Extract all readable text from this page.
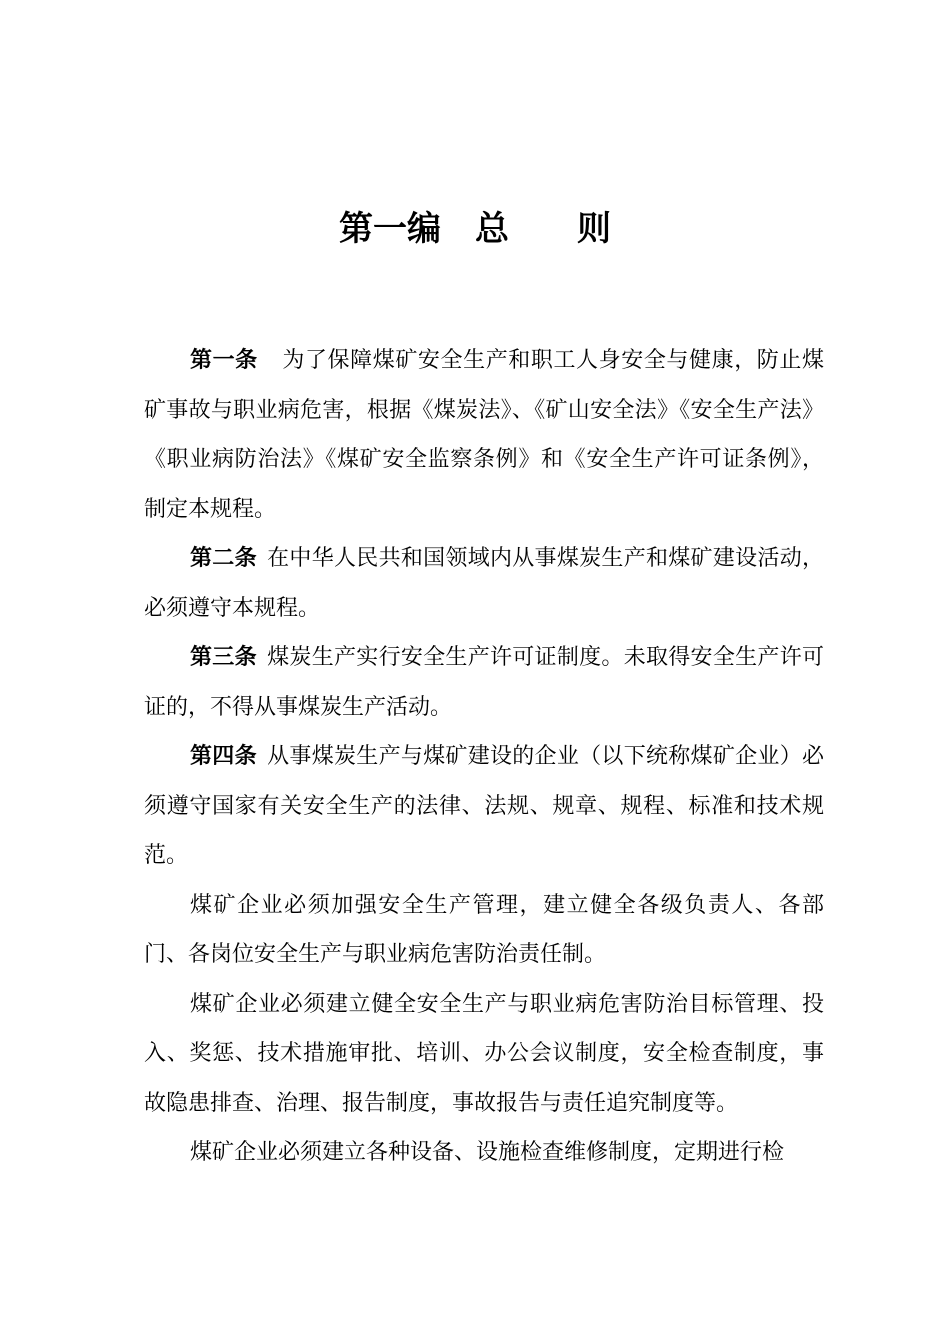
第一编　总　　则

第一条 为了保障煤矿安全生产和职工人身安全与健康，防止煤矿事故与职业病危害，根据《煤炭法》、《矿山安全法》《安全生产法》《职业病防治法》《煤矿安全监察条例》和《安全生产许可证条例》，制定本规程。

第二条 在中华人民共和国领域内从事煤炭生产和煤矿建设活动，必须遵守本规程。

第三条 煤炭生产实行安全生产许可证制度。未取得安全生产许可证的，不得从事煤炭生产活动。

第四条 从事煤炭生产与煤矿建设的企业（以下统称煤矿企业）必须遵守国家有关安全生产的法律、法规、规章、规程、标准和技术规范。

煤矿企业必须加强安全生产管理，建立健全各级负责人、各部门、各岗位安全生产与职业病危害防治责任制。

煤矿企业必须建立健全安全生产与职业病危害防治目标管理、投入、奖惩、技术措施审批、培训、办公会议制度，安全检查制度，事故隐患排查、治理、报告制度，事故报告与责任追究制度等。

煤矿企业必须建立各种设备、设施检查维修制度，定期进行检
